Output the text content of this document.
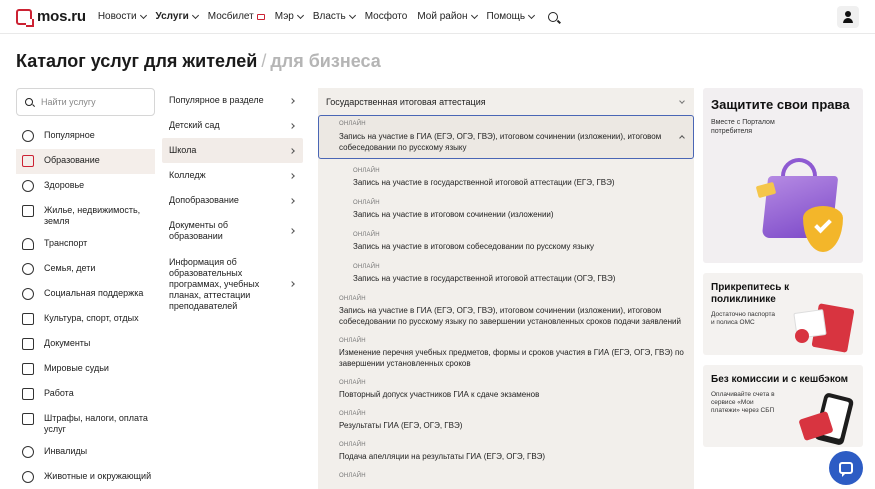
mos.ru Новости Услуги Мосбилет Мэр Власть Мосфото Мой район Помощь
Каталог услуг для жителей / для бизнеса
Найти услугу
Популярное
Образование
Здоровье
Жилье, недвижимость, земля
Транспорт
Семья, дети
Социальная поддержка
Культура, спорт, отдых
Документы
Мировые судьи
Работа
Штрафы, налоги, оплата услуг
Инвалиды
Животные и окружающий
Популярное в разделе
Детский сад
Школа
Колледж
Допобразование
Документы об образовании
Информация об образовательных программах, учебных планах, аттестации преподавателей
Государственная итоговая аттестация
ОНЛАЙН
Запись на участие в ГИА (ЕГЭ, ОГЭ, ГВЭ), итоговом сочинении (изложении), итоговом собеседовании по русскому языку
ОНЛАЙН
Запись на участие в государственной итоговой аттестации (ЕГЭ, ГВЭ)
ОНЛАЙН
Запись на участие в итоговом сочинении (изложении)
ОНЛАЙН
Запись на участие в итоговом собеседовании по русскому языку
ОНЛАЙН
Запись на участие в государственной итоговой аттестации (ОГЭ, ГВЭ)
ОНЛАЙН
Запись на участие в ГИА (ЕГЭ, ОГЭ, ГВЭ), итоговом сочинении (изложении), итоговом собеседовании по русскому языку по завершении установленных сроков подачи заявлений
ОНЛАЙН
Изменение перечня учебных предметов, формы и сроков участия в ГИА (ЕГЭ, ОГЭ, ГВЭ) по завершении установленных сроков
ОНЛАЙН
Повторный допуск участников ГИА к сдаче экзаменов
ОНЛАЙН
Результаты ГИА (ЕГЭ, ОГЭ, ГВЭ)
ОНЛАЙН
Подача апелляции на результаты ГИА (ЕГЭ, ОГЭ, ГВЭ)
ОНЛАЙН
Защитите свои права
Вместе с Порталом потребителя
Прикрепитесь к поликлинике
Достаточно паспорта и полиса ОМС
Без комиссии и с кешбэком
Оплачивайте счета в сервисе «Мои платежи» через СБП
